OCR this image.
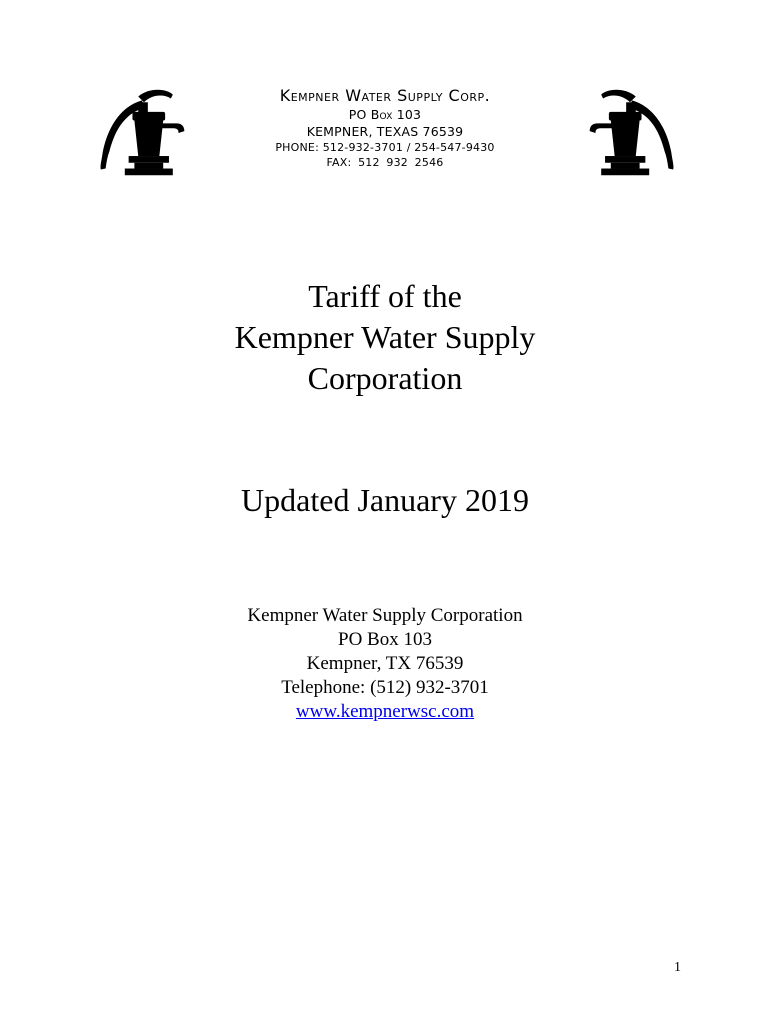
Kempner Water Supply Corp.
PO Box 103
KEMPNER, TEXAS 76539
PHONE: 512-932-3701 / 254-547-9430
FAX: 512 932 2546
Tariff of the
Kempner Water Supply
Corporation
Updated January 2019
Kempner Water Supply Corporation
PO Box 103
Kempner, TX 76539
Telephone: (512) 932-3701
www.kempnerwsc.com
1
